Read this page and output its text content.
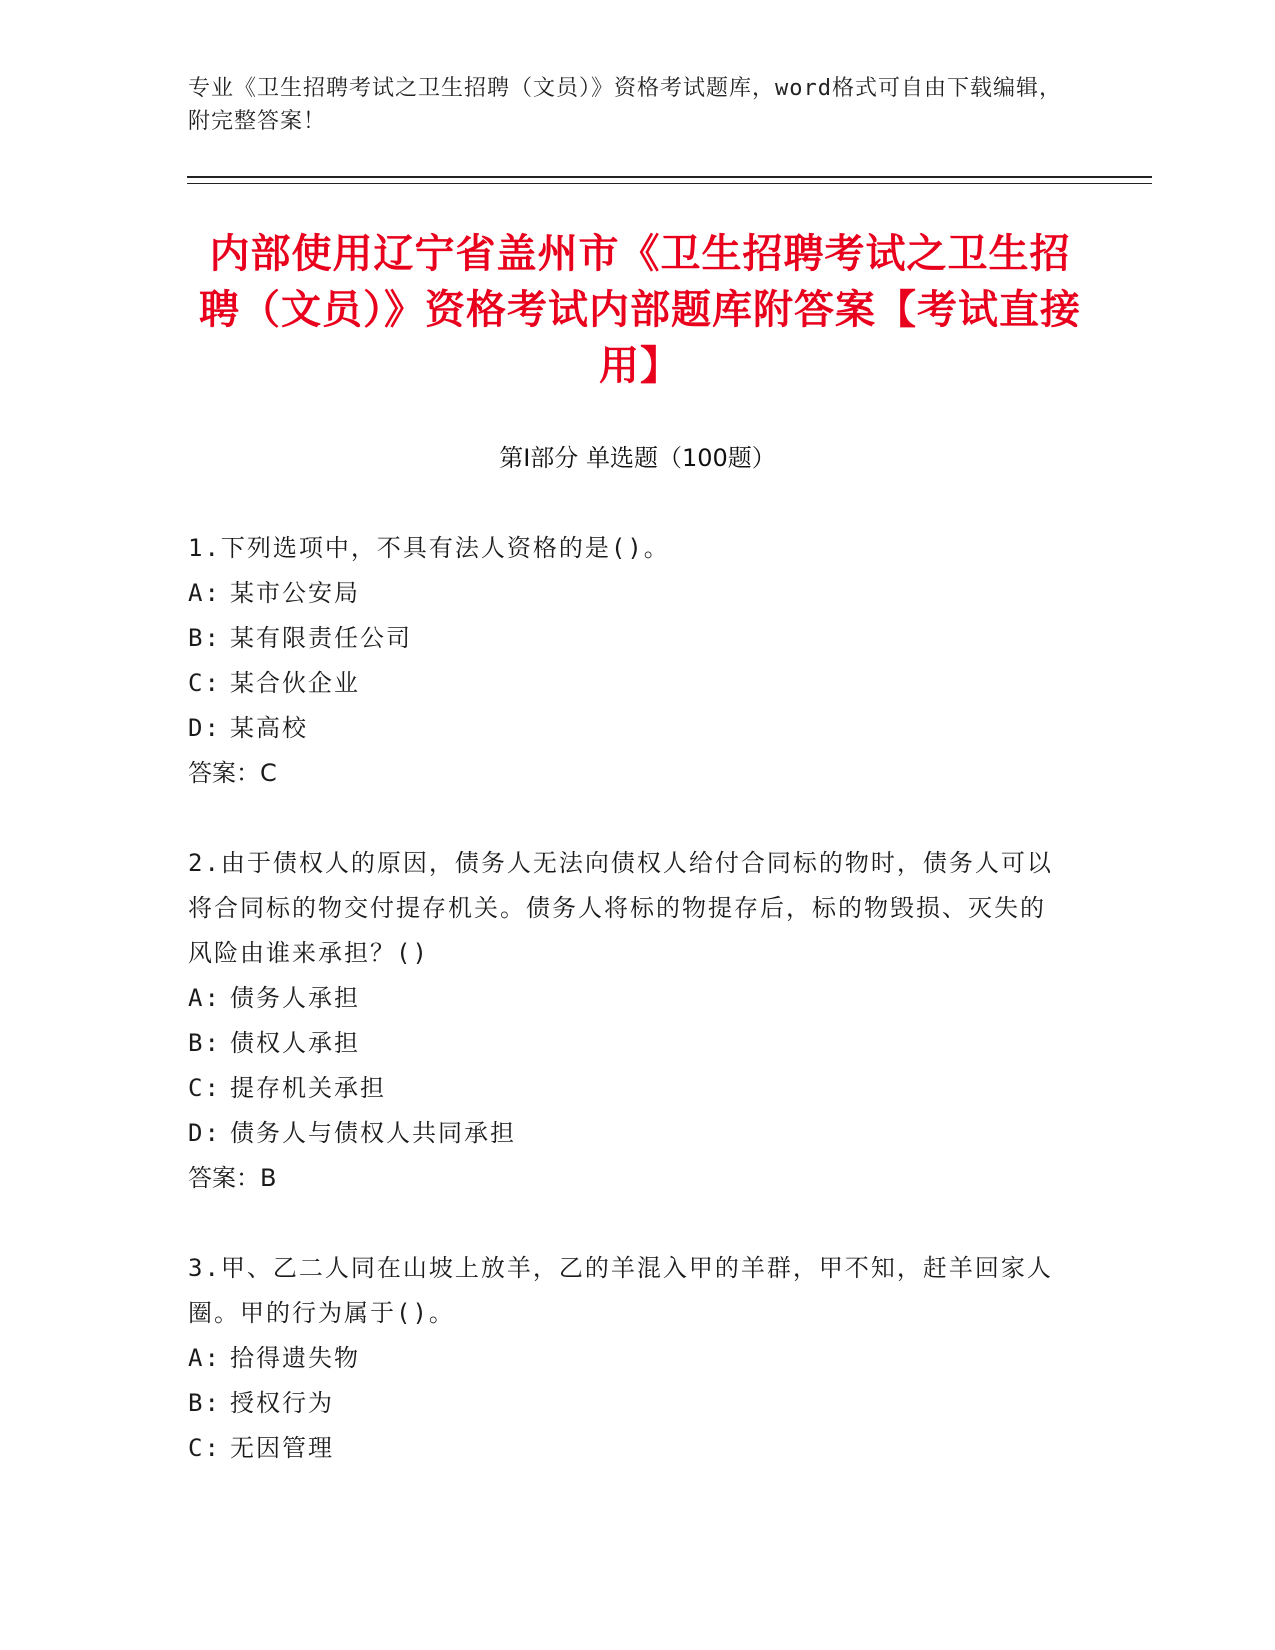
专业《卫生招聘考试之卫生招聘（文员）》资格考试题库，word格式可自由下载编辑，附完整答案！
内部使用辽宁省盖州市《卫生招聘考试之卫生招聘（文员）》资格考试内部题库附答案【考试直接用】
第Ⅰ部分 单选题（100题）

1.下列选项中，不具有法人资格的是()。

A: 某市公安局

B: 某有限责任公司

C: 某合伙企业

D: 某高校

答案：C

2.由于债权人的原因，债务人无法向债权人给付合同标的物时，债务人可以将合同标的物交付提存机关。债务人将标的物提存后，标的物毁损、灭失的风险由谁来承担？()

A: 债务人承担

B: 债权人承担

C: 提存机关承担

D: 债务人与债权人共同承担

答案：B

3.甲、乙二人同在山坡上放羊，乙的羊混入甲的羊群，甲不知，赶羊回家人圈。甲的行为属于()。

A: 拾得遗失物

B: 授权行为

C: 无因管理
